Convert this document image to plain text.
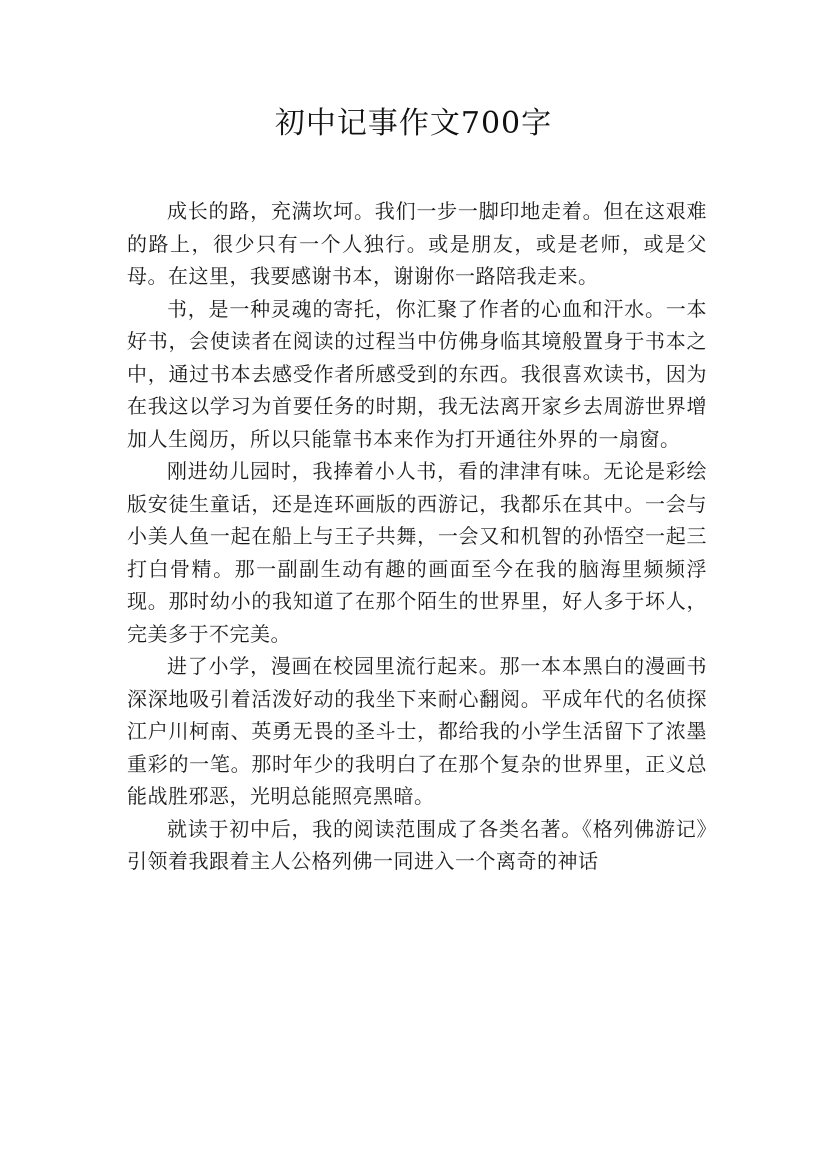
初中记事作文700字

成长的路，充满坎坷。我们一步一脚印地走着。但在这艰难的路上，很少只有一个人独行。或是朋友，或是老师，或是父母。在这里，我要感谢书本，谢谢你一路陪我走来。

书，是一种灵魂的寄托，你汇聚了作者的心血和汗水。一本好书，会使读者在阅读的过程当中仿佛身临其境般置身于书本之中，通过书本去感受作者所感受到的东西。我很喜欢读书，因为在我这以学习为首要任务的时期，我无法离开家乡去周游世界增加人生阅历，所以只能靠书本来作为打开通往外界的一扇窗。

刚进幼儿园时，我捧着小人书，看的津津有味。无论是彩绘版安徒生童话，还是连环画版的西游记，我都乐在其中。一会与小美人鱼一起在船上与王子共舞，一会又和机智的孙悟空一起三打白骨精。那一副副生动有趣的画面至今在我的脑海里频频浮现。那时幼小的我知道了在那个陌生的世界里，好人多于坏人，完美多于不完美。

进了小学，漫画在校园里流行起来。那一本本黑白的漫画书深深地吸引着活泼好动的我坐下来耐心翻阅。平成年代的名侦探江户川柯南、英勇无畏的圣斗士，都给我的小学生活留下了浓墨重彩的一笔。那时年少的我明白了在那个复杂的世界里，正义总能战胜邪恶，光明总能照亮黑暗。

就读于初中后，我的阅读范围成了各类名著。《格列佛游记》引领着我跟着主人公格列佛一同进入一个离奇的神话
